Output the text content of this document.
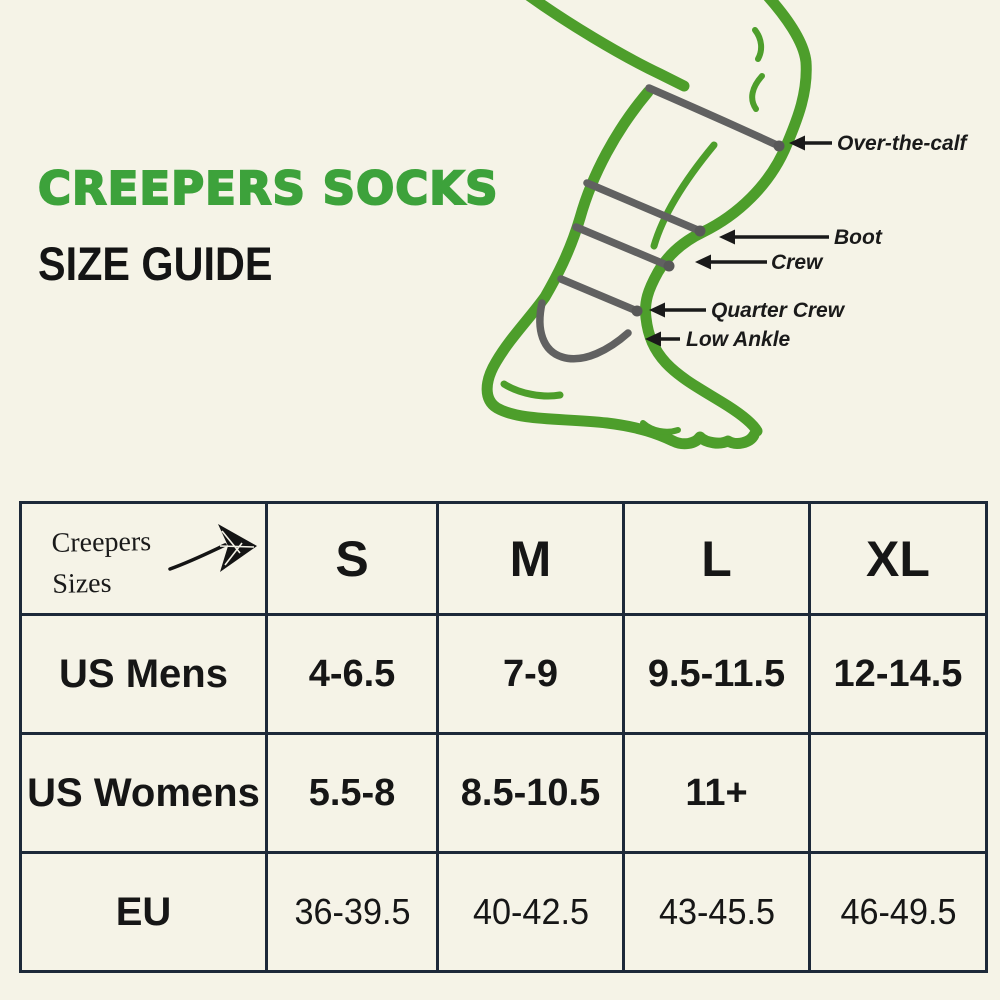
Over-the-calf
Boot
Crew
Quarter Crew
Low Ankle
CREEPERS SOCKS
SIZE GUIDE
Creepers
Sizes	S	M	L	XL
US Mens	4-6.5	7-9	9.5-11.5	12-14.5
US Womens	5.5-8	8.5-10.5	11+	
EU	36-39.5	40-42.5	43-45.5	46-49.5
